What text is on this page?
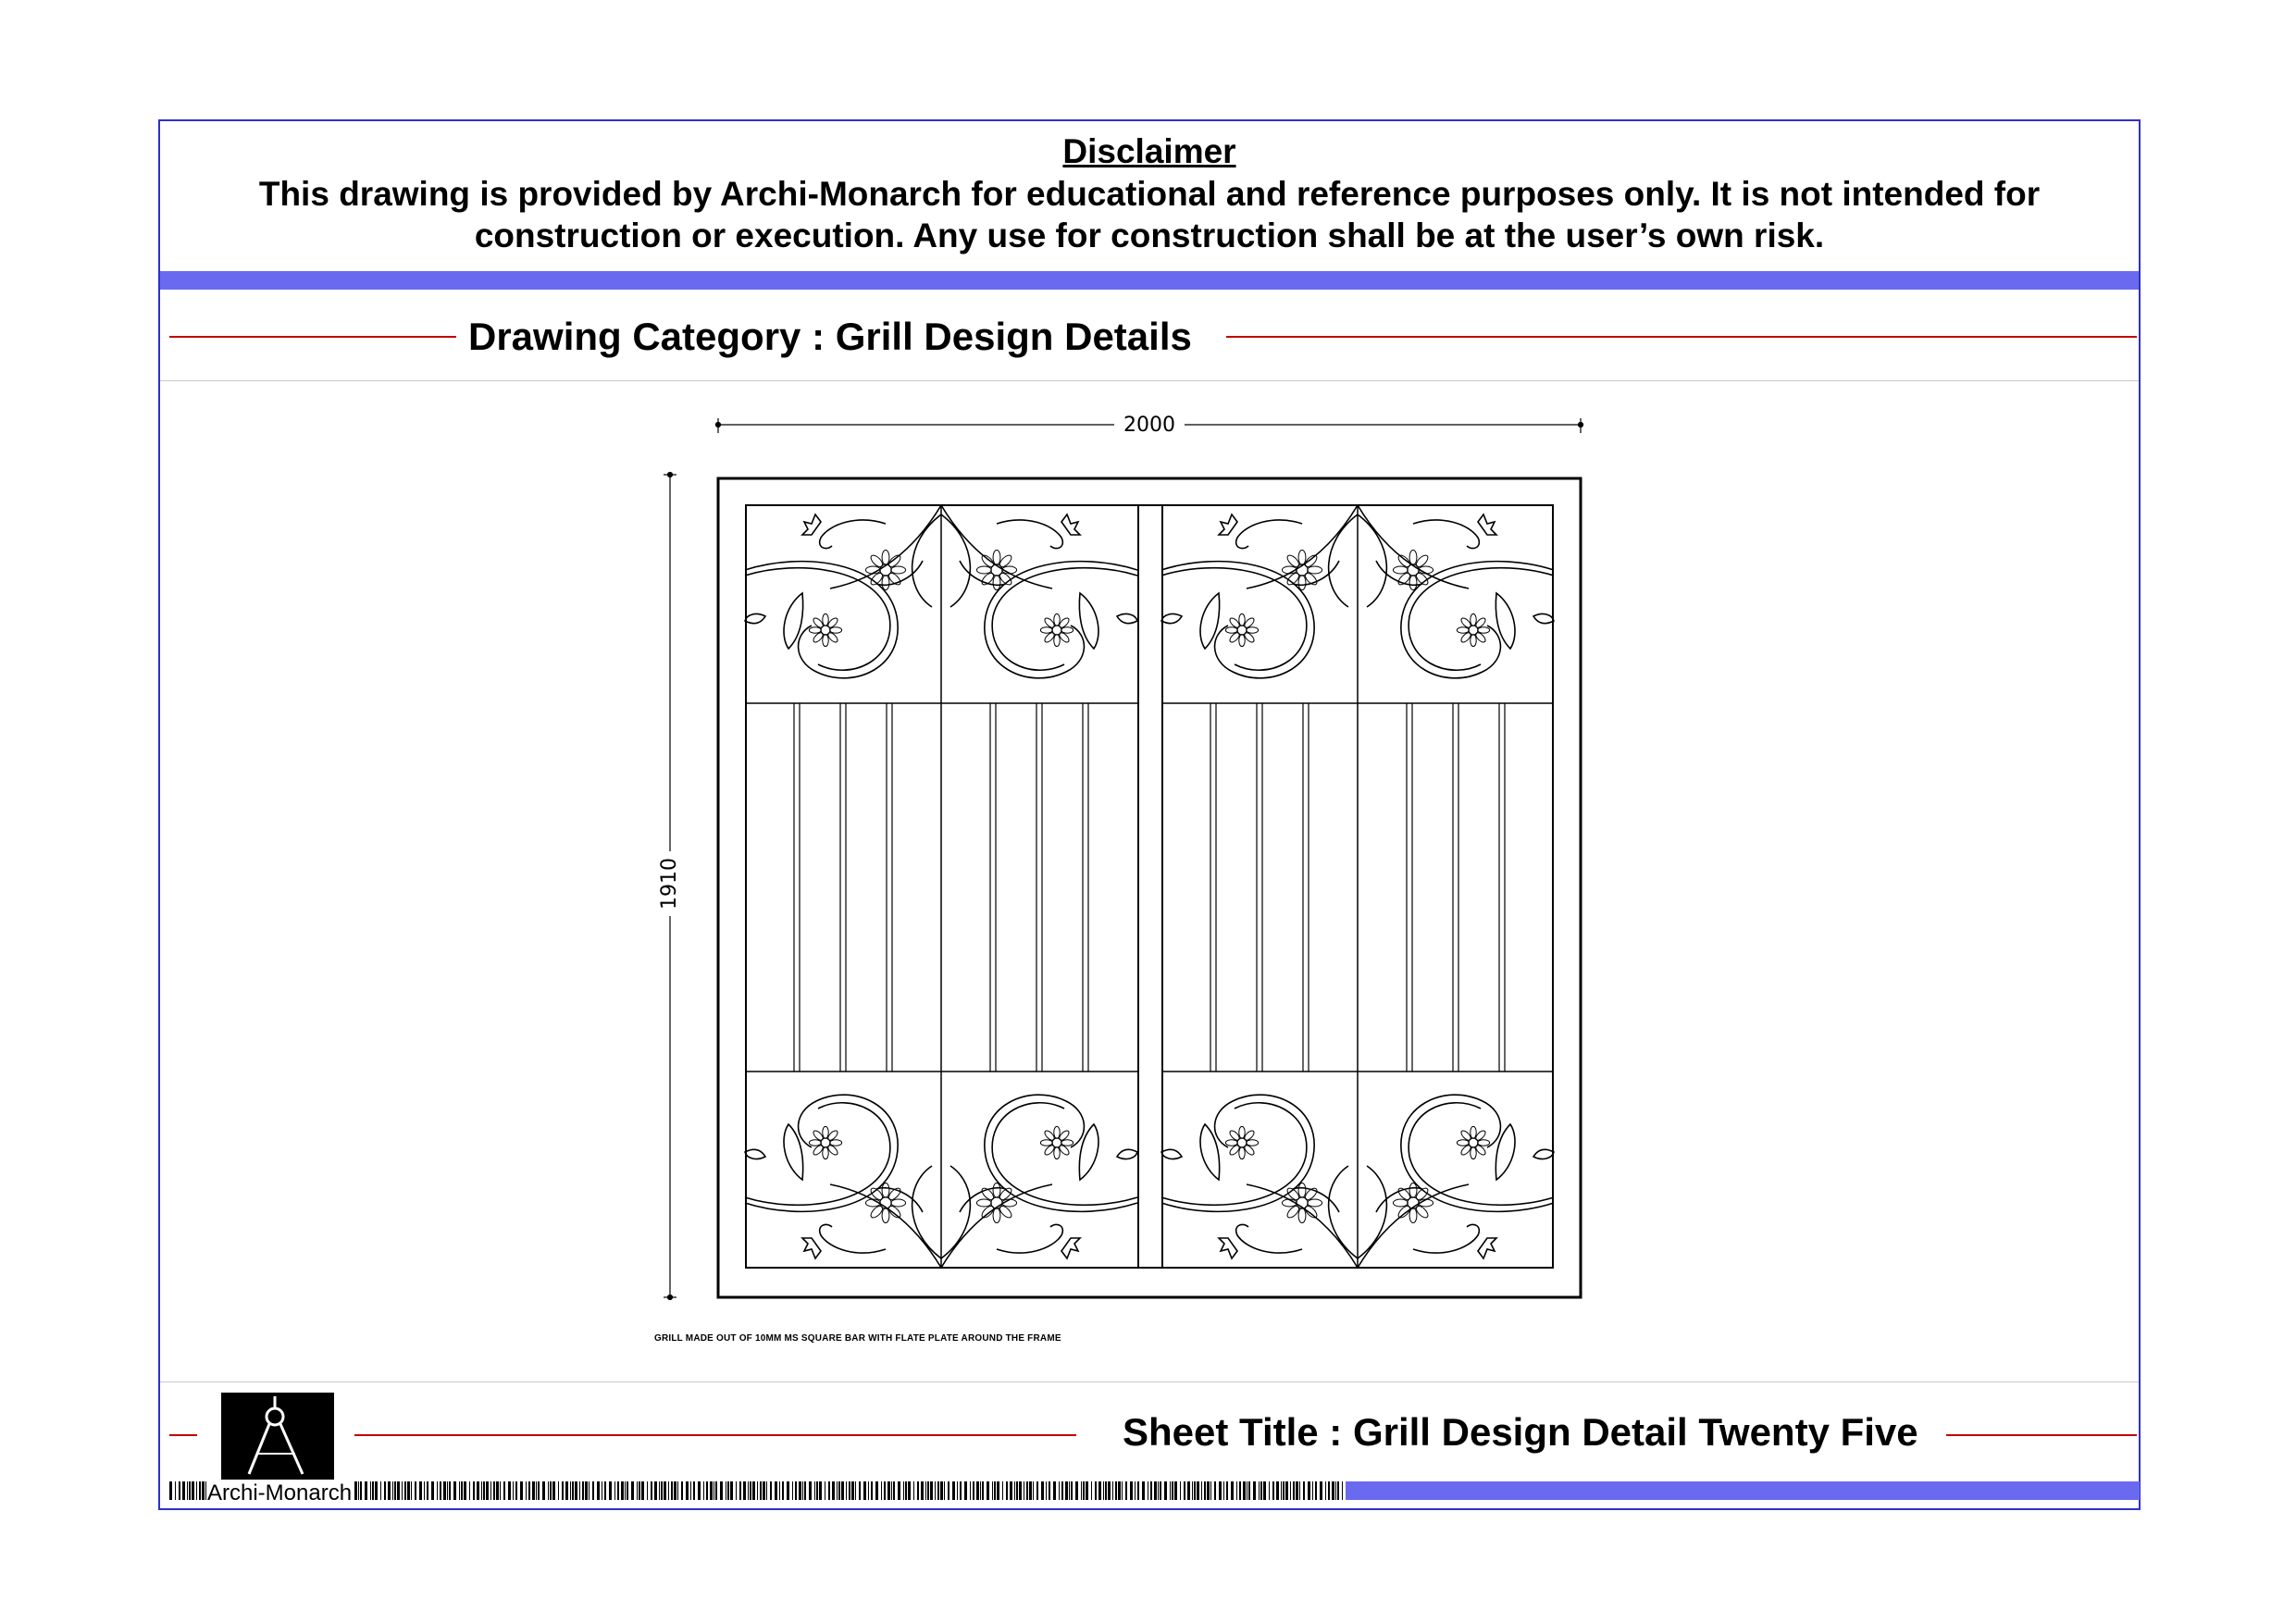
Disclaimer
This drawing is provided by Archi-Monarch for educational and reference purposes only. It is not intended for construction or execution. Any use for construction shall be at the user’s own risk.
Drawing Category : Grill Design Details
Archi-Monarch
Sheet Title : Grill Design Detail Twenty Five
2000
1910
GRILL MADE OUT OF 10MM MS SQUARE BAR WITH FLATE PLATE AROUND THE FRAME
